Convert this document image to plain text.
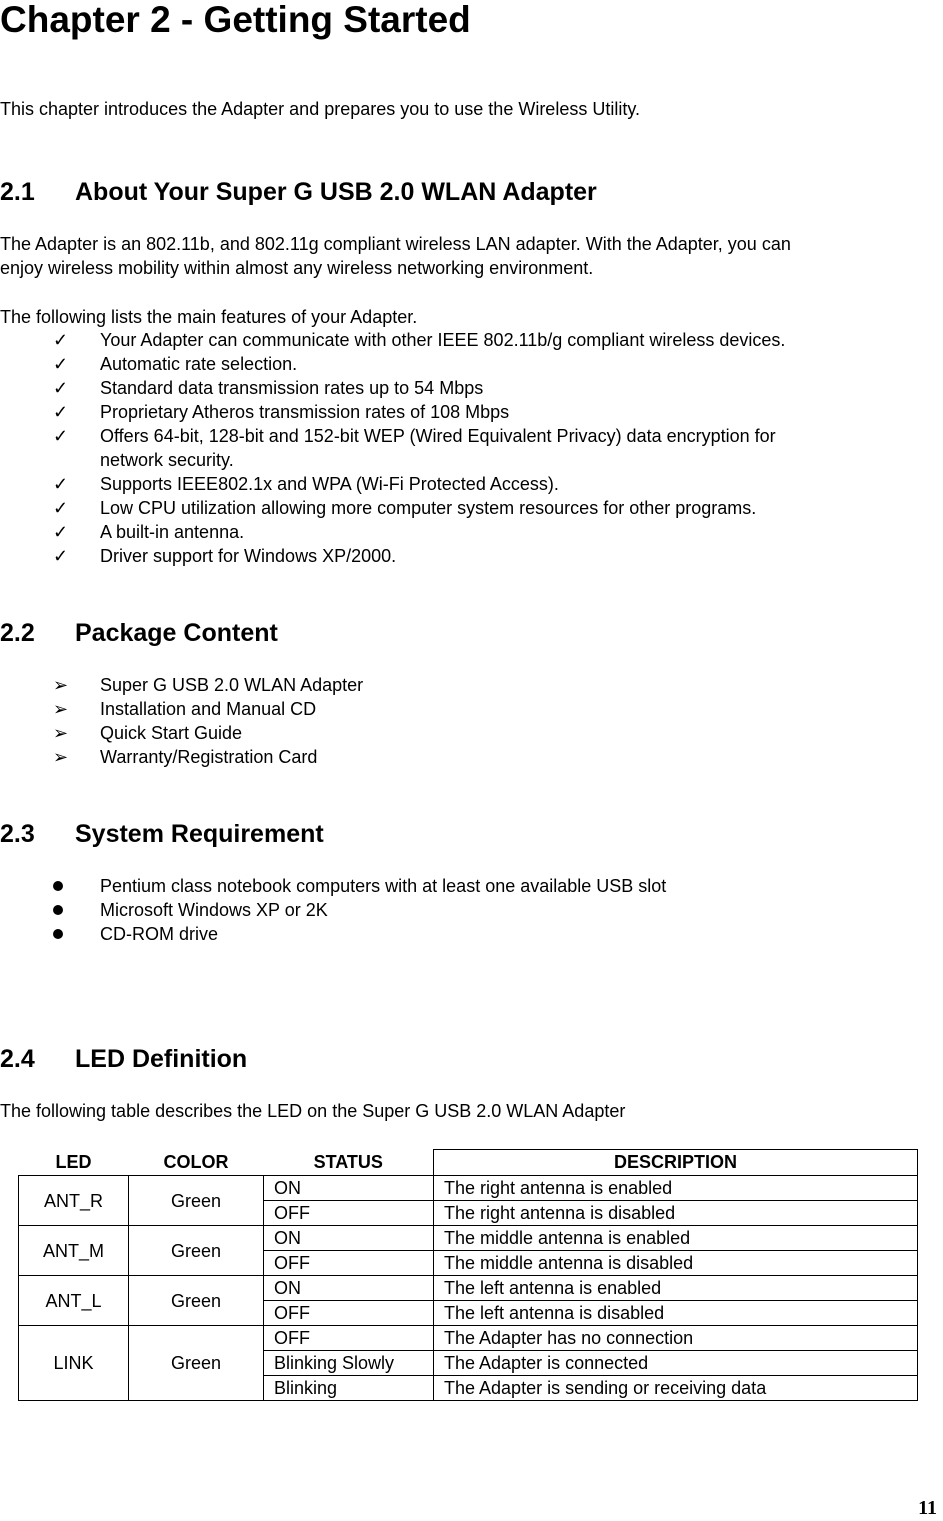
Chapter 2 - Getting Started
This chapter introduces the Adapter and prepares you to use the Wireless Utility.
2.1 About Your Super G USB 2.0 WLAN Adapter
The Adapter is an 802.11b, and 802.11g compliant wireless LAN adapter. With the Adapter, you can
enjoy wireless mobility within almost any wireless networking environment.
The following lists the main features of your Adapter.
✓	Your Adapter can communicate with other IEEE 802.11b/g compliant wireless devices.
✓	Automatic rate selection.
✓	Standard data transmission rates up to 54 Mbps
✓	Proprietary Atheros transmission rates of 108 Mbps
✓	Offers 64-bit, 128-bit and 152-bit WEP (Wired Equivalent Privacy) data encryption for
network security.
✓	Supports IEEE802.1x and WPA (Wi-Fi Protected Access).
✓	Low CPU utilization allowing more computer system resources for other programs.
✓	A built-in antenna.
✓	Driver support for Windows XP/2000.
2.2 Package Content
➢	Super G USB 2.0 WLAN Adapter
➢	Installation and Manual CD
➢	Quick Start Guide
➢	Warranty/Registration Card
2.3 System Requirement
Pentium class notebook computers with at least one available USB slot
Microsoft Windows XP or 2K
CD-ROM drive
2.4 LED Definition
The following table describes the LED on the Super G USB 2.0 WLAN Adapter
LED	COLOR	STATUS	DESCRIPTION
ANT_R	Green	ON	The right antenna is enabled
		OFF	The right antenna is disabled
ANT_M	Green	ON	The middle antenna is enabled
		OFF	The middle antenna is disabled
ANT_L	Green	ON	The left antenna is enabled
		OFF	The left antenna is disabled
LINK	Green	OFF	The Adapter has no connection
		Blinking Slowly	The Adapter is connected
		Blinking	The Adapter is sending or receiving data
11
